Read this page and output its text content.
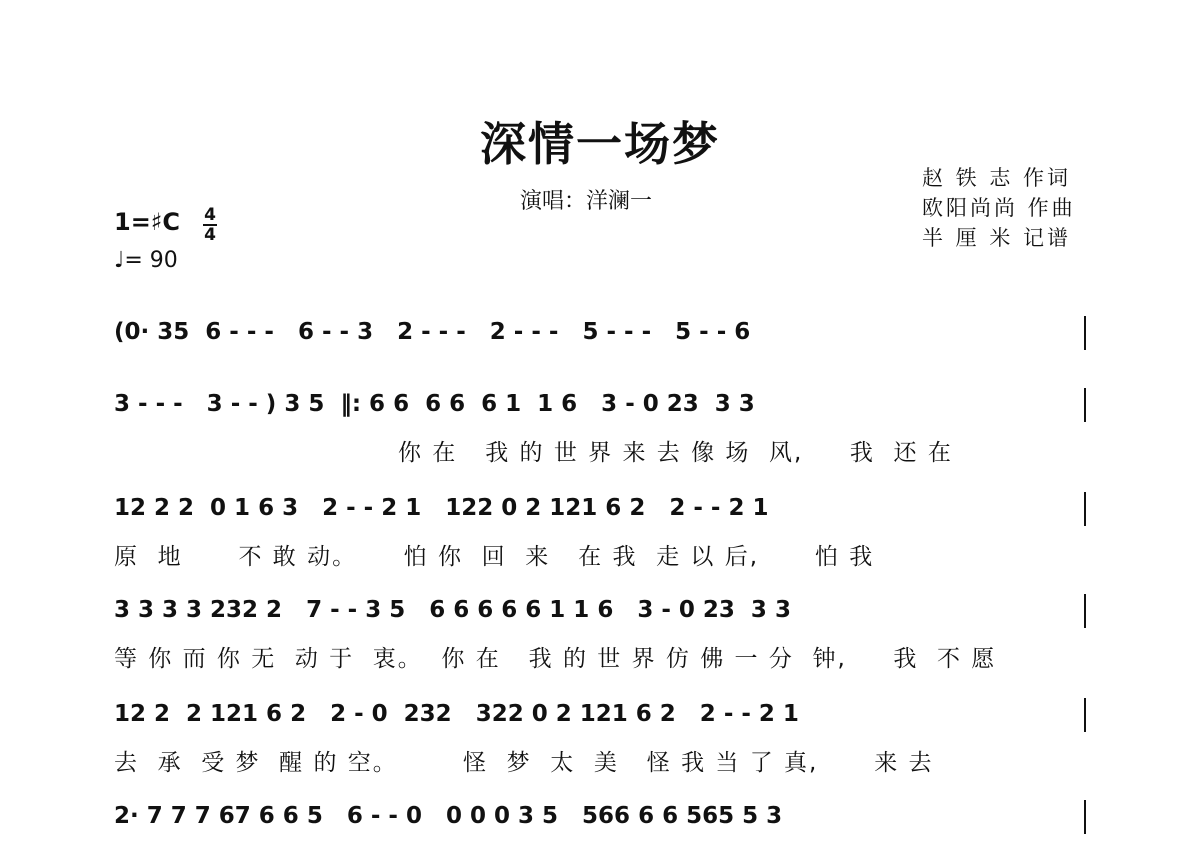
深情一场梦
演唱：洋澜一
赵 铁 志 作词
欧阳尚尚 作曲
半 厘 米 记谱
1=♯C 4
4
♩= 90
(0· 35  6 - - -   6 - - 3   2 - - -   2 - - -   5 - - -   5 - - 6
3 - - -   3 - - ) 3 5  ‖: 6 6  6 6  6 1  1 6   3 - 0 23  3 3
你 在   我 的 世 界 来 去 像 场  风,     我  还 在
12 2 2  0 1 6 3   2 - - 2 1   122 0 2 121 6 2   2 - - 2 1
原  地      不 敢 动。     怕 你  回  来   在 我  走 以 后,      怕 我
3 3 3 3 232 2   7 - - 3 5   6 6 6 6 6 1 1 6   3 - 0 23  3 3
等 你 而 你 无  动 于  衷。  你 在   我 的 世 界 仿 佛 一 分  钟,     我  不 愿
12 2  2 121 6 2   2 - 0  232   322 0 2 121 6 2   2 - - 2 1
去  承  受 梦  醒 的 空。       怪  梦  太  美   怪 我 当 了 真,      来 去
2· 7 7 7 67 6 6 5   6 - - 0   0 0 0 3 5   566 6 6 565 5 3
